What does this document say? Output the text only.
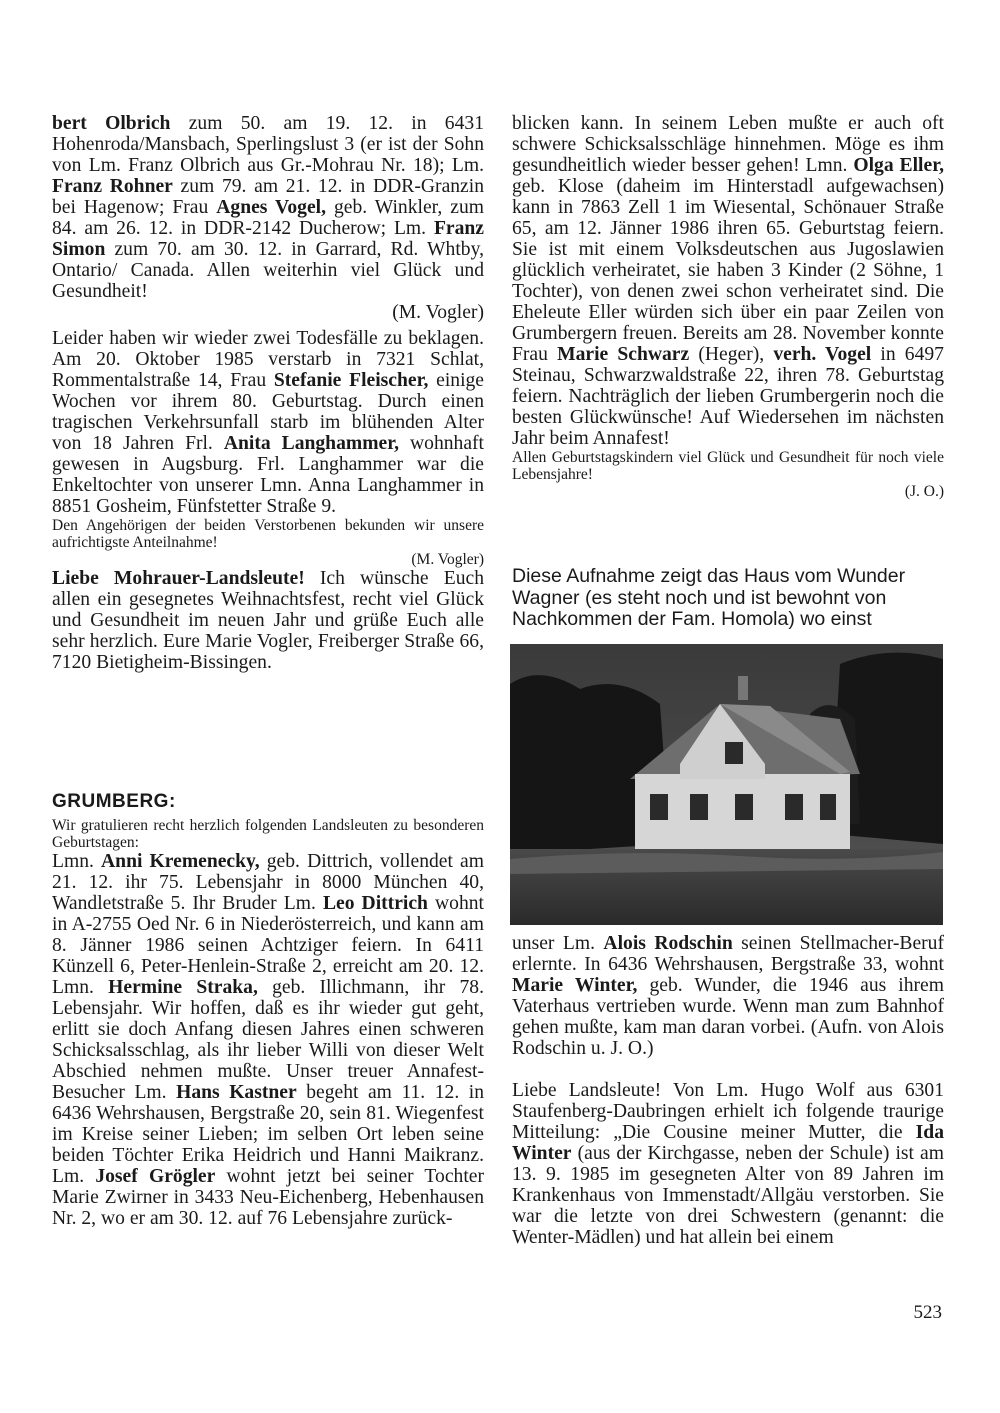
bert Olbrich zum 50. am 19. 12. in 6431 Hohenroda/Mansbach, Sperlingslust 3 (er ist der Sohn von Lm. Franz Olbrich aus Gr.-Mohrau Nr. 18); Lm. Franz Rohner zum 79. am 21. 12. in DDR-Granzin bei Hagenow; Frau Agnes Vogel, geb. Winkler, zum 84. am 26. 12. in DDR-2142 Ducherow; Lm. Franz Simon zum 70. am 30. 12. in Garrard, Rd. Whtby, Ontario/ Canada. Allen weiterhin viel Glück und Gesundheit!

(M. Vogler)

Leider haben wir wieder zwei Todesfälle zu beklagen. Am 20. Oktober 1985 verstarb in 7321 Schlat, Rommentalstraße 14, Frau Stefanie Fleischer, einige Wochen vor ihrem 80. Geburtstag. Durch einen tragischen Verkehrsunfall starb im blühenden Alter von 18 Jahren Frl. Anita Langhammer, wohnhaft gewesen in Augsburg. Frl. Langhammer war die Enkeltochter von unserer Lmn. Anna Langhammer in 8851 Gosheim, Fünfstetter Straße 9.

Den Angehörigen der beiden Verstorbenen bekunden wir unsere aufrichtigste Anteilnahme!

(M. Vogler)

Liebe Mohrauer-Landsleute! Ich wünsche Euch allen ein gesegnetes Weihnachtsfest, recht viel Glück und Gesundheit im neuen Jahr und grüße Euch alle sehr herzlich. Eure Marie Vogler, Freiberger Straße 66, 7120 Bietigheim-Bissingen.

GRUMBERG:

Wir gratulieren recht herzlich folgenden Landsleuten zu besonderen Geburtstagen:

Lmn. Anni Kremenecky, geb. Dittrich, vollendet am 21. 12. ihr 75. Lebensjahr in 8000 München 40, Wandletstraße 5. Ihr Bruder Lm. Leo Dittrich wohnt in A-2755 Oed Nr. 6 in Niederösterreich, und kann am 8. Jänner 1986 seinen Achtziger feiern. In 6411 Künzell 6, Peter-Henlein-Straße 2, erreicht am 20. 12. Lmn. Hermine Straka, geb. Illichmann, ihr 78. Lebensjahr. Wir hoffen, daß es ihr wieder gut geht, erlitt sie doch Anfang diesen Jahres einen schweren Schicksalsschlag, als ihr lieber Willi von dieser Welt Abschied nehmen mußte. Unser treuer Annafest-Besucher Lm. Hans Kastner begeht am 11. 12. in 6436 Wehrshausen, Bergstraße 20, sein 81. Wiegenfest im Kreise seiner Lieben; im selben Ort leben seine beiden Töchter Erika Heidrich und Hanni Maikranz. Lm. Josef Grögler wohnt jetzt bei seiner Tochter Marie Zwirner in 3433 Neu-Eichenberg, Hebenhausen Nr. 2, wo er am 30. 12. auf 76 Lebensjahre zurück-

blicken kann. In seinem Leben mußte er auch oft schwere Schicksalsschläge hinnehmen. Möge es ihm gesundheitlich wieder besser gehen! Lmn. Olga Eller, geb. Klose (daheim im Hinterstadl aufgewachsen) kann in 7863 Zell 1 im Wiesental, Schönauer Straße 65, am 12. Jänner 1986 ihren 65. Geburtstag feiern. Sie ist mit einem Volksdeutschen aus Jugoslawien glücklich verheiratet, sie haben 3 Kinder (2 Söhne, 1 Tochter), von denen zwei schon verheiratet sind. Die Eheleute Eller würden sich über ein paar Zeilen von Grumbergern freuen. Bereits am 28. November konnte Frau Marie Schwarz (Heger), verh. Vogel in 6497 Steinau, Schwarzwaldstraße 22, ihren 78. Geburtstag feiern. Nachträglich der lieben Grumbergerin noch die besten Glückwünsche! Auf Wiedersehen im nächsten Jahr beim Annafest!

Allen Geburtstagskindern viel Glück und Gesundheit für noch viele Lebensjahre!

(J. O.)

Diese Aufnahme zeigt das Haus vom Wunder Wagner (es steht noch und ist bewohnt von Nachkommen der Fam. Homola) wo einst

unser Lm. Alois Rodschin seinen Stellmacher-Beruf erlernte. In 6436 Wehrshausen, Bergstraße 33, wohnt Marie Winter, geb. Wunder, die 1946 aus ihrem Vaterhaus vertrieben wurde. Wenn man zum Bahnhof gehen mußte, kam man daran vorbei. (Aufn. von Alois Rodschin u. J. O.)

Liebe Landsleute! Von Lm. Hugo Wolf aus 6301 Staufenberg-Daubringen erhielt ich folgende traurige Mitteilung: „Die Cousine meiner Mutter, die Ida Winter (aus der Kirchgasse, neben der Schule) ist am 13. 9. 1985 im gesegneten Alter von 89 Jahren im Krankenhaus von Immenstadt/Allgäu verstorben. Sie war die letzte von drei Schwestern (genannt: die Wenter-Mädlen) und hat allein bei einem

523
